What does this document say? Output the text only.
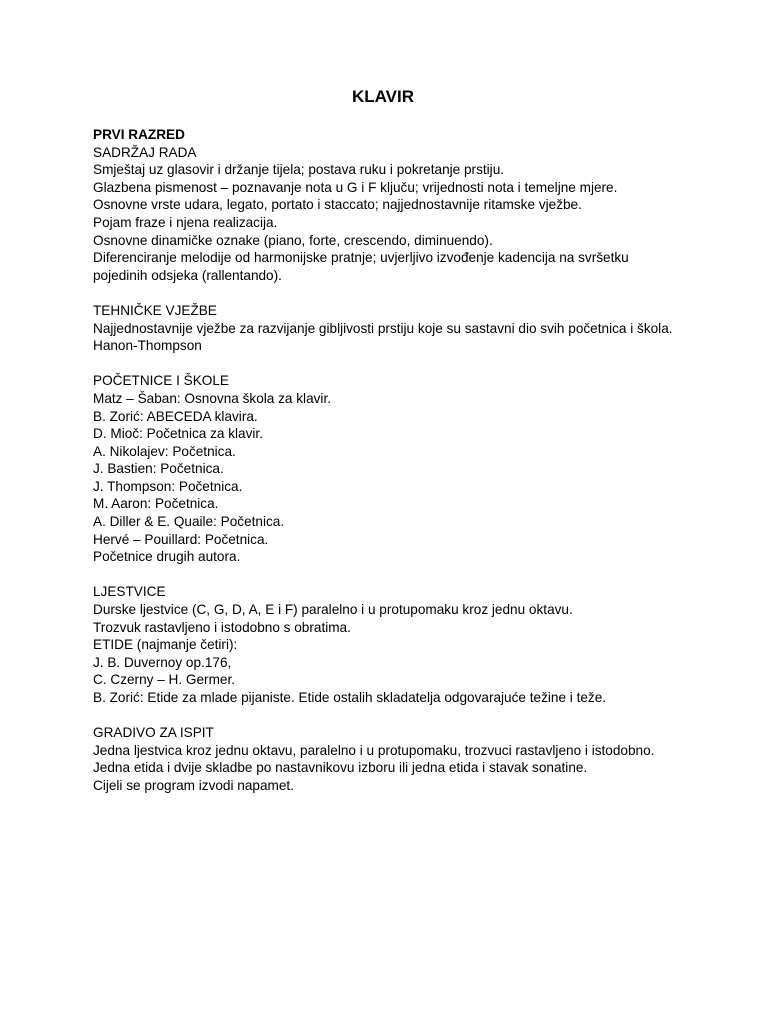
KLAVIR

PRVI RAZRED

SADRŽAJ RADA

Smještaj uz glasovir i držanje tijela; postava ruku i pokretanje prstiju.

Glazbena pismenost – poznavanje nota u G i F ključu; vrijednosti nota i temeljne mjere.

Osnovne vrste udara, legato, portato i staccato; najjednostavnije ritamske vježbe.

Pojam fraze i njena realizacija.

Osnovne dinamičke oznake (piano, forte, crescendo, diminuendo).

Diferenciranje melodije od harmonijske pratnje; uvjerljivo izvođenje kadencija na svršetku pojedinih odsjeka (rallentando).

TEHNIČKE VJEŽBE

Najjednostavnije vježbe za razvijanje gibljivosti prstiju koje su sastavni dio svih početnica i škola.

Hanon-Thompson

POČETNICE I ŠKOLE

Matz – Šaban: Osnovna škola za klavir.

B. Zorić: ABECEDA klavira.

D. Mioč: Početnica za klavir.

A. Nikolajev: Početnica.

J. Bastien: Početnica.

J. Thompson: Početnica.

M. Aaron: Početnica.

A. Diller & E. Quaile: Početnica.

Hervé – Pouillard: Početnica.

Početnice drugih autora.

LJESTVICE

Durske ljestvice (C, G, D, A, E i F) paralelno i u protupomaku kroz jednu oktavu.

Trozvuk rastavljeno i istodobno s obratima.

ETIDE (najmanje četiri):

J. B. Duvernoy op.176,

C. Czerny – H. Germer.

B. Zorić: Etide za mlade pijaniste. Etide ostalih skladatelja odgovarajuće težine i teže.

GRADIVO ZA ISPIT

Jedna ljestvica kroz jednu oktavu, paralelno i u protupomaku, trozvuci rastavljeno i istodobno.

Jedna etida i dvije skladbe po nastavnikovu izboru ili jedna etida i stavak sonatine.

Cijeli se program izvodi napamet.
